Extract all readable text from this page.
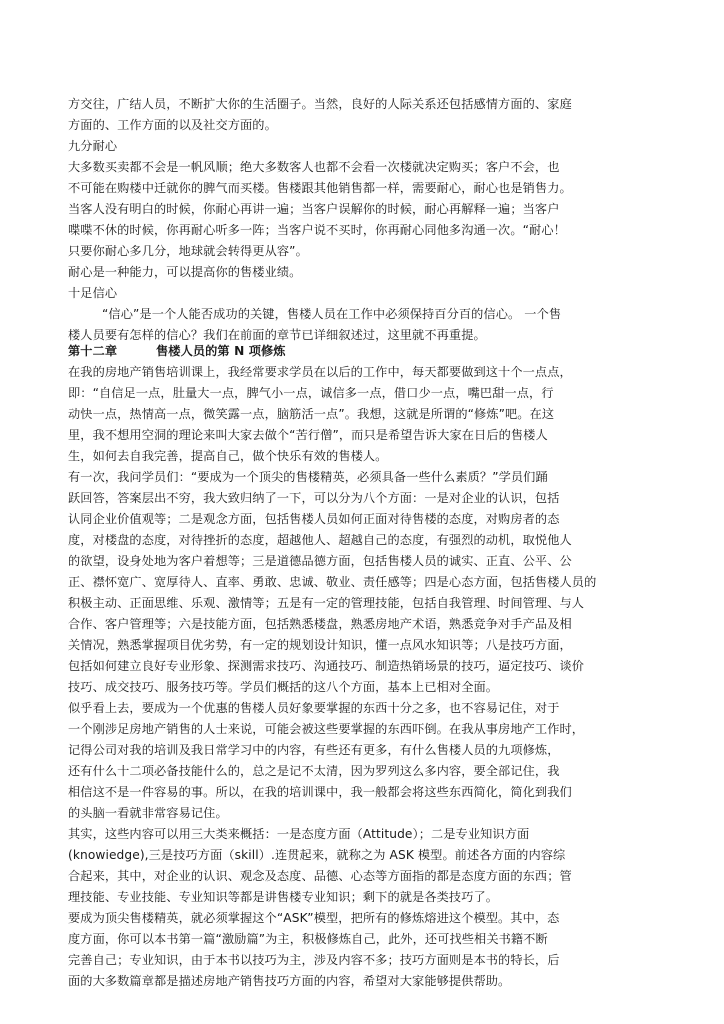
方交往，广结人员，不断扩大你的生活圈子。当然，良好的人际关系还包括感情方面的、家庭
方面的、工作方面的以及社交方面的。
九分耐心
大多数买卖都不会是一帆风顺；绝大多数客人也都不会看一次楼就决定购买；客户不会，也
不可能在购楼中迁就你的脾气而买楼。售楼跟其他销售都一样，需要耐心，耐心也是销售力。
当客人没有明白的时候，你耐心再讲一遍；当客户误解你的时候，耐心再解释一遍；当客户
喋喋不休的时候，你再耐心听多一阵；当客户说不买时，你再耐心同他多沟通一次。“耐心！
只要你耐心多几分，地球就会转得更从容”。
耐心是一种能力，可以提高你的售楼业绩。
十足信心
“信心”是一个人能否成功的关键，售楼人员在工作中必须保持百分百的信心。 一个售
楼人员要有怎样的信心？我们在前面的章节已详细叙述过，这里就不再重提。
第十二章	售楼人员的第 N 项修炼
在我的房地产销售培训课上，我经常要求学员在以后的工作中，每天都要做到这十个一点点，
即：“自信足一点，肚量大一点，脾气小一点，诚信多一点，借口少一点，嘴巴甜一点，行
动快一点，热情高一点，微笑露一点，脑筋活一点”。我想，这就是所谓的“修炼”吧。在这
里，我不想用空洞的理论来叫大家去做个“苦行僧”，而只是希望告诉大家在日后的售楼人
生，如何去自我完善，提高自己，做个快乐有效的售楼人。
有一次，我问学员们：“要成为一个顶尖的售楼精英，必须具备一些什么素质？”学员们踊
跃回答，答案层出不穷，我大致归纳了一下，可以分为八个方面：一是对企业的认识，包括
认同企业价值观等；二是观念方面，包括售楼人员如何正面对待售楼的态度，对购房者的态
度，对楼盘的态度，对待挫折的态度，超越他人、超越自己的态度，有强烈的动机，取悦他人
的欲望，设身处地为客户着想等；三是道德品德方面，包括售楼人员的诚实、正直、公平、公
正、襟怀宽广、宽厚待人、直率、勇敢、忠诚、敬业、责任感等；四是心态方面，包括售楼人员的
积极主动、正面思维、乐观、激情等；五是有一定的管理技能，包括自我管理、时间管理、与人
合作、客户管理等；六是技能方面，包括熟悉楼盘，熟悉房地产术语，熟悉竞争对手产品及相
关情况，熟悉掌握项目优劣势，有一定的规划设计知识，懂一点风水知识等；八是技巧方面，
包括如何建立良好专业形象、探测需求技巧、沟通技巧、制造热销场景的技巧，逼定技巧、谈价
技巧、成交技巧、服务技巧等。学员们概括的这八个方面，基本上已相对全面。
似乎看上去，要成为一个优惠的售楼人员好象要掌握的东西十分之多，也不容易记住，对于
一个刚涉足房地产销售的人士来说，可能会被这些要掌握的东西吓倒。在我从事房地产工作时，
记得公司对我的培训及我日常学习中的内容，有些还有更多，有什么售楼人员的九项修炼，
还有什么十二项必备技能什么的，总之是记不太清，因为罗列这么多内容，要全部记住，我
相信这不是一件容易的事。所以，在我的培训课中，我一般都会将这些东西简化，简化到我们
的头脑一看就非常容易记住。
其实，这些内容可以用三大类来概括：一是态度方面（Attitude）；二是专业知识方面
(knowiedge),三是技巧方面（skill）.连贯起来，就称之为 ASK 模型。前述各方面的内容综
合起来，其中，对企业的认识、观念及态度、品德、心态等方面指的都是态度方面的东西；管
理技能、专业技能、专业知识等都是讲售楼专业知识；剩下的就是各类技巧了。
要成为顶尖售楼精英，就必须掌握这个“ASK”模型，把所有的修炼熔进这个模型。其中，态
度方面，你可以本书第一篇“激励篇”为主，积极修炼自己，此外，还可找些相关书籍不断
完善自己；专业知识，由于本书以技巧为主，涉及内容不多；技巧方面则是本书的特长，后
面的大多数篇章都是描述房地产销售技巧方面的内容，希望对大家能够提供帮助。
